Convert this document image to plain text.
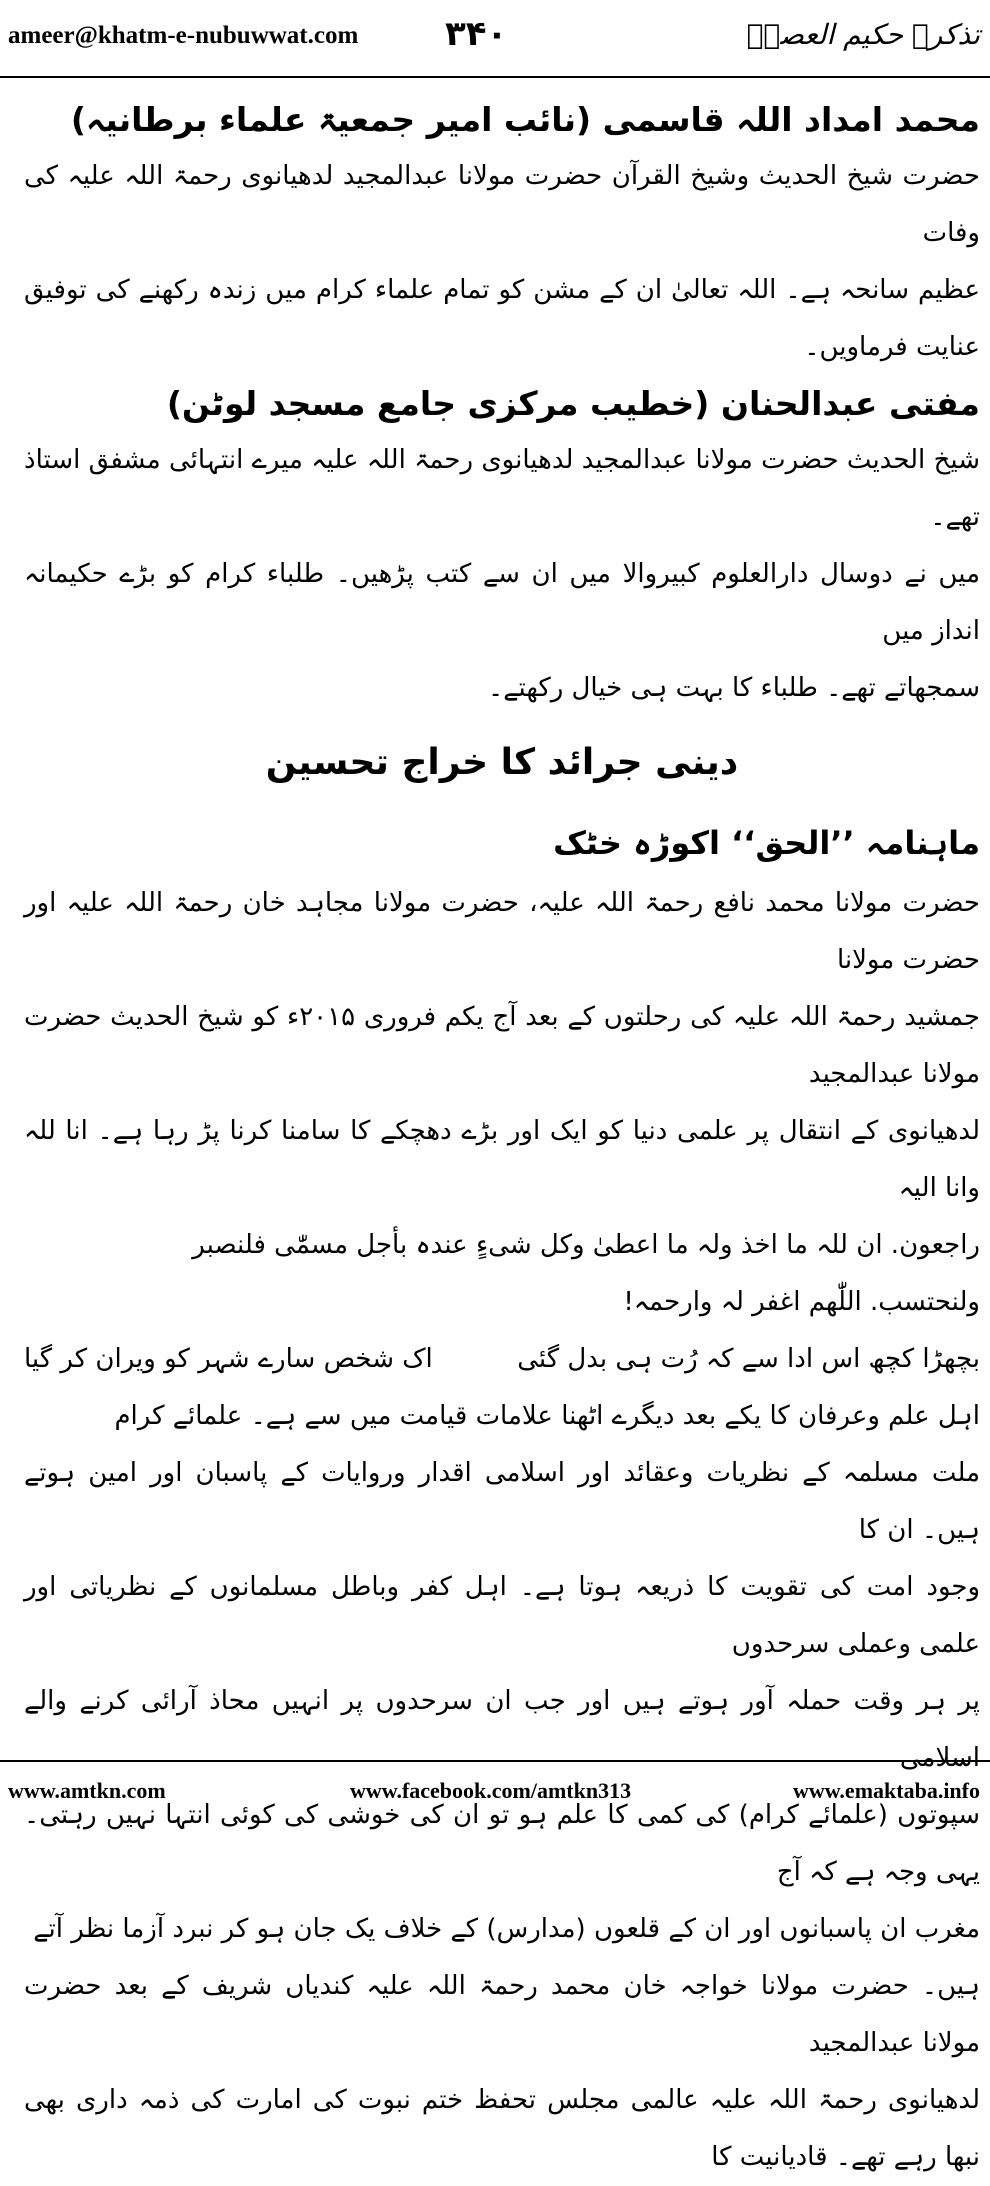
ameer@khatm-e-nubuwwat.com	۳۴۰	تذکرہ حکیم العصرؒ

محمد امداد اللہ قاسمی (نائب امیر جمعیۃ علماء برطانیہ)

حضرت شیخ الحدیث وشیخ القرآن حضرت مولانا عبدالمجید لدھیانوی رحمۃ اللہ علیہ کی وفات

عظیم سانحہ ہے۔ اللہ تعالیٰ ان کے مشن کو تمام علماء کرام میں زندہ رکھنے کی توفیق عنایت فرماویں۔

مفتی عبدالحنان (خطیب مرکزی جامع مسجد لوٹن)

شیخ الحدیث حضرت مولانا عبدالمجید لدھیانوی رحمۃ اللہ علیہ میرے انتہائی مشفق استاذ تھے۔

میں نے دوسال دارالعلوم کبیروالا میں ان سے کتب پڑھیں۔ طلباء کرام کو بڑے حکیمانہ انداز میں

سمجھاتے تھے۔ طلباء کا بہت ہی خیال رکھتے۔

دینی جرائد کا خراج تحسین

ماہنامہ ’’الحق‘‘ اکوڑہ خٹک

حضرت مولانا محمد نافع رحمۃ اللہ علیہ، حضرت مولانا مجاہد خان رحمۃ اللہ علیہ اور حضرت مولانا

جمشید رحمۃ اللہ علیہ کی رحلتوں کے بعد آج یکم فروری ۲۰۱۵ء کو شیخ الحدیث حضرت مولانا عبدالمجید

لدھیانوی کے انتقال پر علمی دنیا کو ایک اور بڑے دھچکے کا سامنا کرنا پڑ رہا ہے۔ انا للہ وانا الیہ

راجعون. ان للہ ما اخذ ولہ ما اعطیٰ وکل شیءٍ عندہ بأجل مسمّٰی فلنصبر

ولنحتسب. اللّٰھم اغفر لہ وارحمہ!

بچھڑا کچھ اس ادا سے کہ رُت ہی بدل گئی
اک شخص سارے شہر کو ویران کر گیا

اہل علم وعرفان کا یکے بعد دیگرے اٹھنا علامات قیامت میں سے ہے۔ علمائے کرام

ملت مسلمہ کے نظریات وعقائد اور اسلامی اقدار وروایات کے پاسبان اور امین ہوتے ہیں۔ ان کا

وجود امت کی تقویت کا ذریعہ ہوتا ہے۔ اہل کفر وباطل مسلمانوں کے نظریاتی اور علمی وعملی سرحدوں

پر ہر وقت حملہ آور ہوتے ہیں اور جب ان سرحدوں پر انہیں محاذ آرائی کرنے والے اسلامی

سپوتوں (علمائے کرام) کی کمی کا علم ہو تو ان کی خوشی کی کوئی انتہا نہیں رہتی۔ یہی وجہ ہے کہ آج

مغرب ان پاسبانوں اور ان کے قلعوں (مدارس) کے خلاف یک جان ہو کر نبرد آزما نظر آتے

ہیں۔ حضرت مولانا خواجہ خان محمد رحمۃ اللہ علیہ کندیاں شریف کے بعد حضرت مولانا عبدالمجید

لدھیانوی رحمۃ اللہ علیہ عالمی مجلس تحفظ ختم نبوت کی امارت کی ذمہ داری بھی نبھا رہے تھے۔ قادیانیت کا

www.amtkn.com	www.facebook.com/amtkn313	www.emaktaba.info
